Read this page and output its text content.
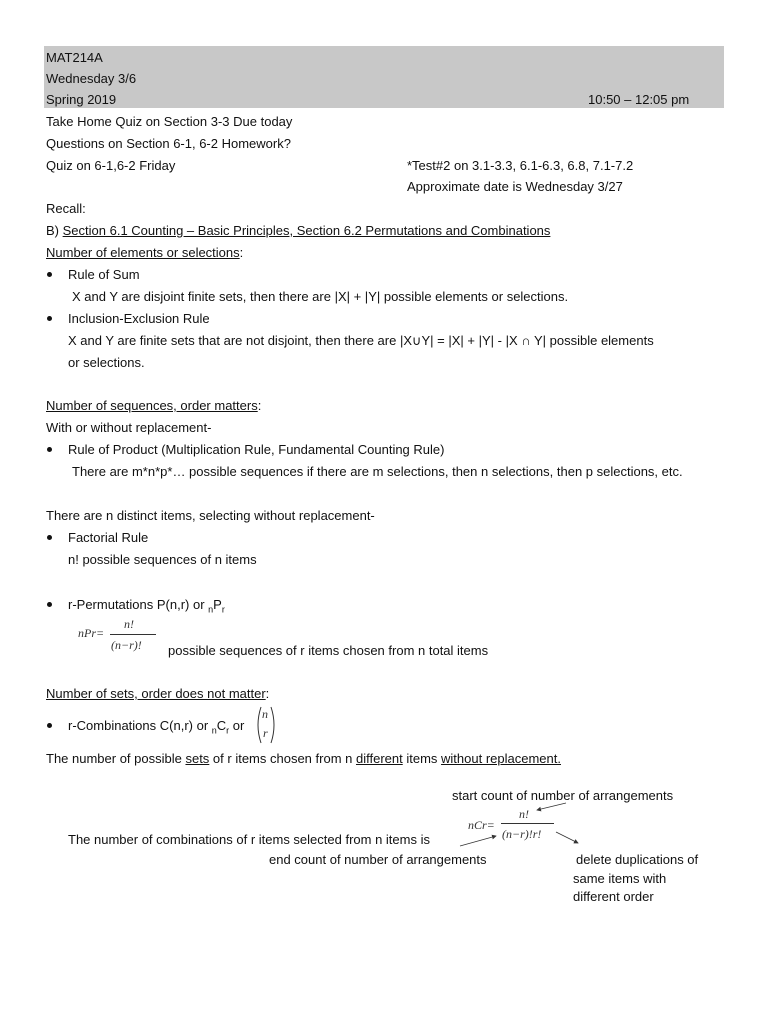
MAT214A
Wednesday 3/6
Spring 2019	10:50 – 12:05 pm
Take Home Quiz on Section 3-3 Due today
Questions on Section 6-1, 6-2 Homework?
Quiz on 6-1,6-2 Friday	*Test#2 on 3.1-3.3, 6.1-6.3, 6.8, 7.1-7.2
Approximate date is Wednesday 3/27
Recall:
B) Section 6.1 Counting – Basic Principles, Section 6.2 Permutations and Combinations
Number of elements or selections:
Rule of Sum
X and Y are disjoint finite sets, then there are |X| + |Y| possible elements or selections.
Inclusion-Exclusion Rule
X and Y are finite sets that are not disjoint, then there are |X∪Y| = |X| + |Y| - |X ∩ Y| possible elements
or selections.
Number of sequences, order matters:
With or without replacement-
Rule of Product (Multiplication Rule, Fundamental Counting Rule)
There are m*n*p*… possible sequences if there are m selections, then n selections, then p selections, etc.
There are n distinct items, selecting without replacement-
Factorial Rule
n! possible sequences of n items
r-Permutations P(n,r) or $_nP_r$
nPr=
n!
(n−r)! possible sequences of r items chosen from n total items
Number of sets, order does not matter:
r-Combinations C(n,r) or $_nC_r$ or
n
r
The number of possible sets of r items chosen from n different items without replacement.
start count of number of arrangements
The number of combinations of r items selected from n items is
nCr=
n!
(n−r)!r!
end count of number of arrangements	delete duplications of
same items with
different order
